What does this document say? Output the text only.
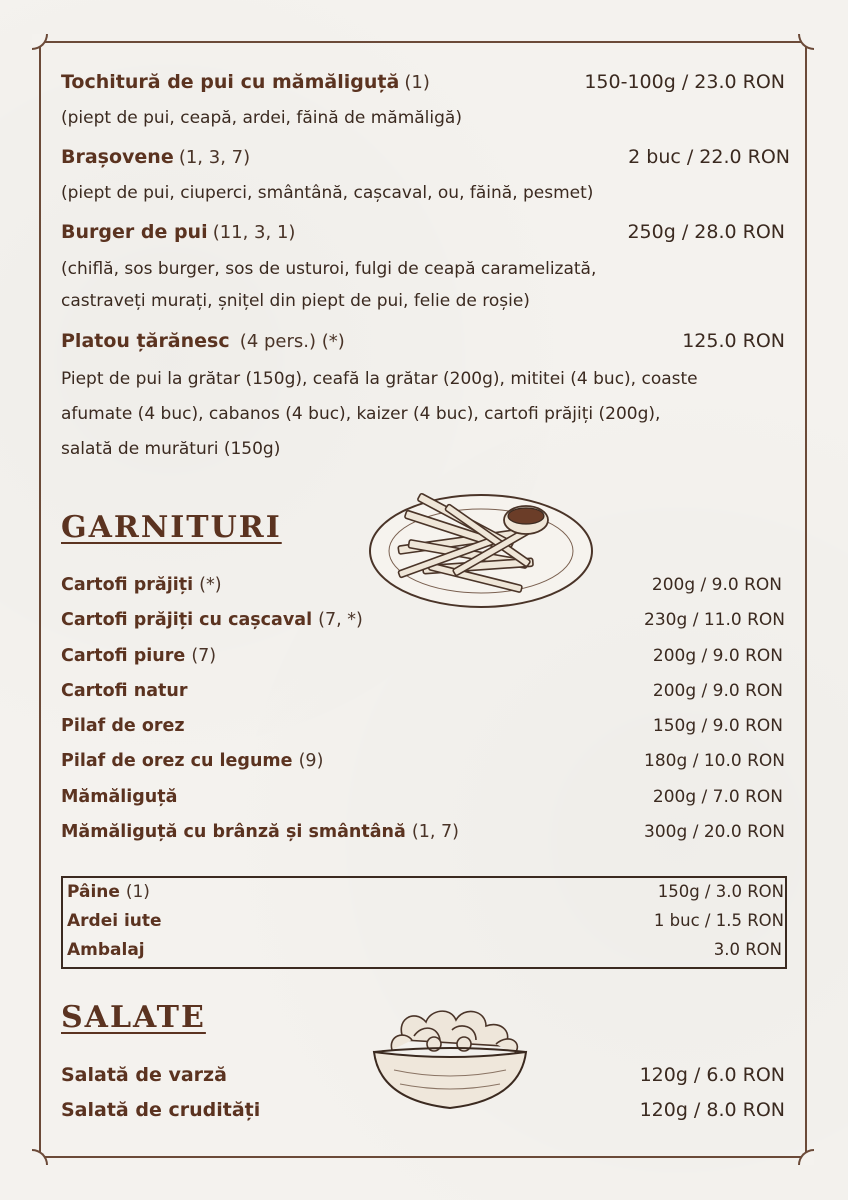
Tochitură de pui cu mămăliguță (1)	150-100g / 23.0 RON
(piept de pui, ceapă, ardei, făină de mămăligă)
Brașovene (1, 3, 7)	2 buc / 22.0 RON
(piept de pui, ciuperci, smântână, cașcaval, ou, făină, pesmet)
Burger de pui (11, 3, 1)	250g / 28.0 RON
(chiflă, sos burger, sos de usturoi, fulgi de ceapă caramelizată,
castraveți murați, șnițel din piept de pui, felie de roșie)
Platou țărănesc (4 pers.) (*)	125.0 RON
Piept de pui la grătar (150g), ceafă la grătar (200g), mititei (4 buc), coaste
afumate (4 buc), cabanos (4 buc), kaizer (4 buc), cartofi prăjiți (200g),
salată de murături (150g)
GARNITURI
Cartofi prăjiți (*)	200g / 9.0 RON
Cartofi prăjiți cu cașcaval (7, *)	230g / 11.0 RON
Cartofi piure (7)	200g / 9.0 RON
Cartofi natur	200g / 9.0 RON
Pilaf de orez	150g / 9.0 RON
Pilaf de orez cu legume (9)	180g / 10.0 RON
Mămăliguță	200g / 7.0 RON
Mămăliguță cu brânză și smântână (1, 7)	300g / 20.0 RON
Pâine (1)	150g / 3.0 RON
Ardei iute	1 buc / 1.5 RON
Ambalaj	3.0 RON
SALATE
Salată de varză	120g / 6.0 RON
Salată de crudități	120g / 8.0 RON
